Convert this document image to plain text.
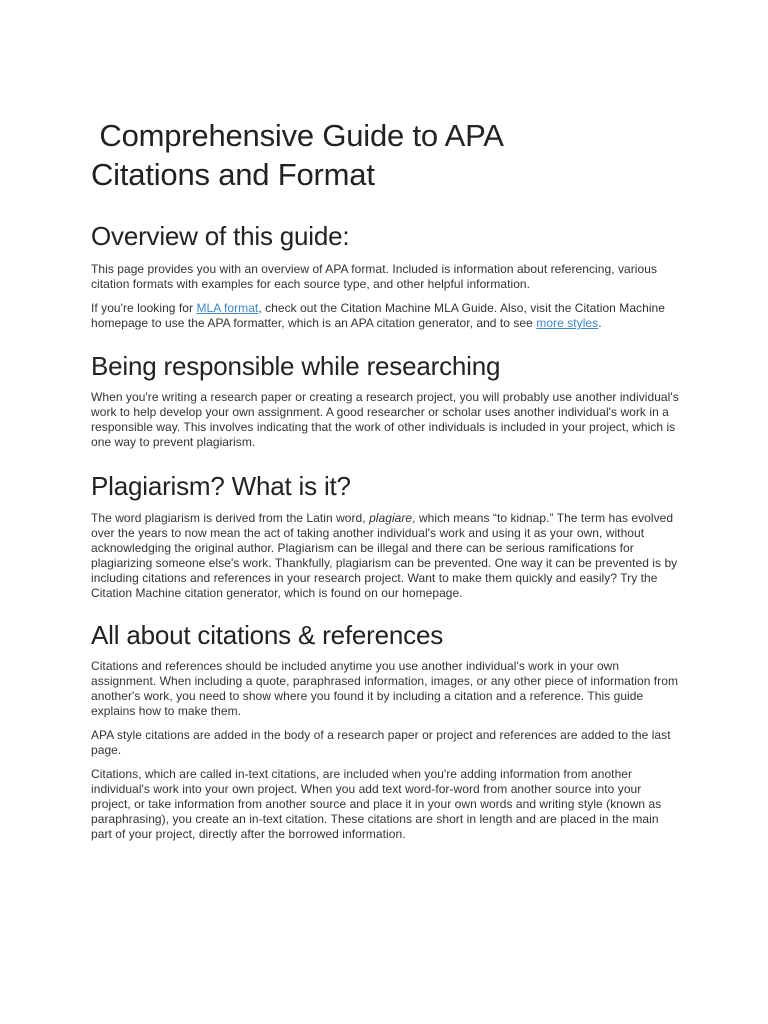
Comprehensive Guide to APA
Citations and Format
Overview of this guide:

This page provides you with an overview of APA format. Included is information about referencing, various citation formats with examples for each source type, and other helpful information.

If you're looking for MLA format, check out the Citation Machine MLA Guide. Also, visit the Citation Machine homepage to use the APA formatter, which is an APA citation generator, and to see more styles.

Being responsible while researching

When you're writing a research paper or creating a research project, you will probably use another individual's work to help develop your own assignment. A good researcher or scholar uses another individual's work in a responsible way. This involves indicating that the work of other individuals is included in your project, which is one way to prevent plagiarism.

Plagiarism? What is it?

The word plagiarism is derived from the Latin word, plagiare, which means “to kidnap.” The term has evolved over the years to now mean the act of taking another individual's work and using it as your own, without acknowledging the original author. Plagiarism can be illegal and there can be serious ramifications for plagiarizing someone else's work. Thankfully, plagiarism can be prevented. One way it can be prevented is by including citations and references in your research project. Want to make them quickly and easily? Try the Citation Machine citation generator, which is found on our homepage.

All about citations & references

Citations and references should be included anytime you use another individual's work in your own assignment. When including a quote, paraphrased information, images, or any other piece of information from another's work, you need to show where you found it by including a citation and a reference. This guide explains how to make them.

APA style citations are added in the body of a research paper or project and references are added to the last page.

Citations, which are called in-text citations, are included when you're adding information from another individual's work into your own project. When you add text word-for-word from another source into your project, or take information from another source and place it in your own words and writing style (known as paraphrasing), you create an in-text citation. These citations are short in length and are placed in the main part of your project, directly after the borrowed information.
